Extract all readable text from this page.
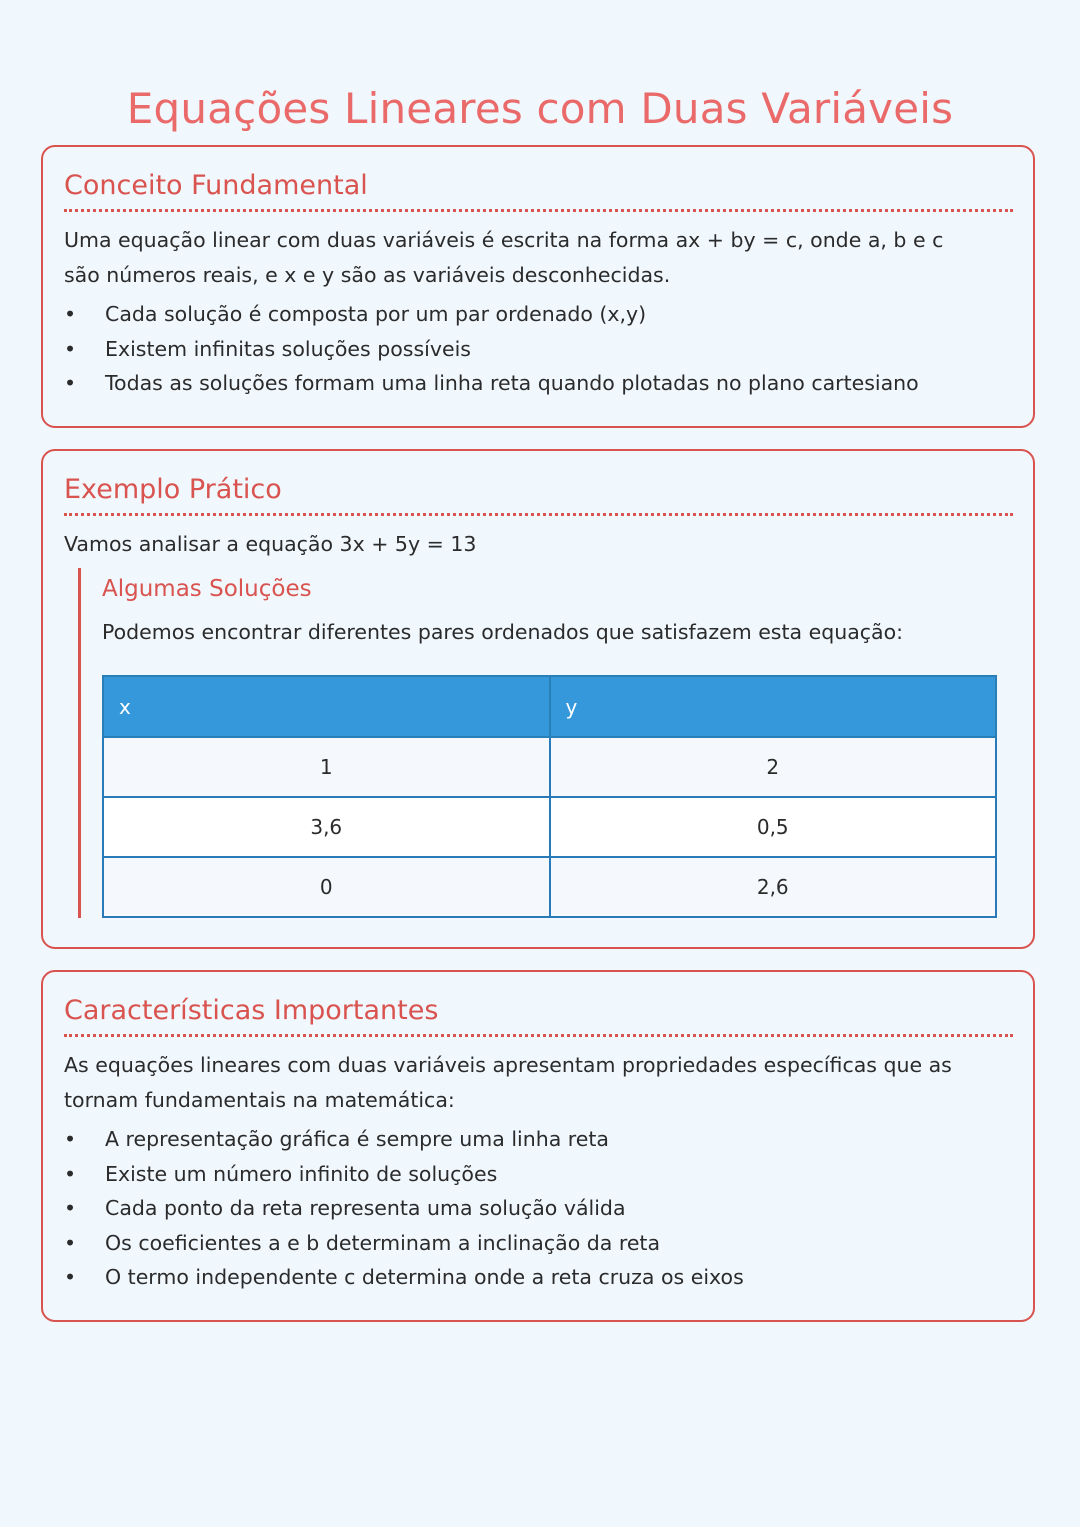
Equações Lineares com Duas Variáveis
Conceito Fundamental

Uma equação linear com duas variáveis é escrita na forma ax + by = c, onde a, b e c são números reais, e x e y são as variáveis desconhecidas.

• Cada solução é composta por um par ordenado (x,y)
• Existem infinitas soluções possíveis
• Todas as soluções formam uma linha reta quando plotadas no plano cartesiano
Exemplo Prático

Vamos analisar a equação 3x + 5y = 13

Algumas Soluções

Podemos encontrar diferentes pares ordenados que satisfazem esta equação:

x	y
1	2
3,6	0,5
0	2,6
Características Importantes

As equações lineares com duas variáveis apresentam propriedades específicas que as tornam fundamentais na matemática:

• A representação gráfica é sempre uma linha reta
• Existe um número infinito de soluções
• Cada ponto da reta representa uma solução válida
• Os coeficientes a e b determinam a inclinação da reta
• O termo independente c determina onde a reta cruza os eixos
